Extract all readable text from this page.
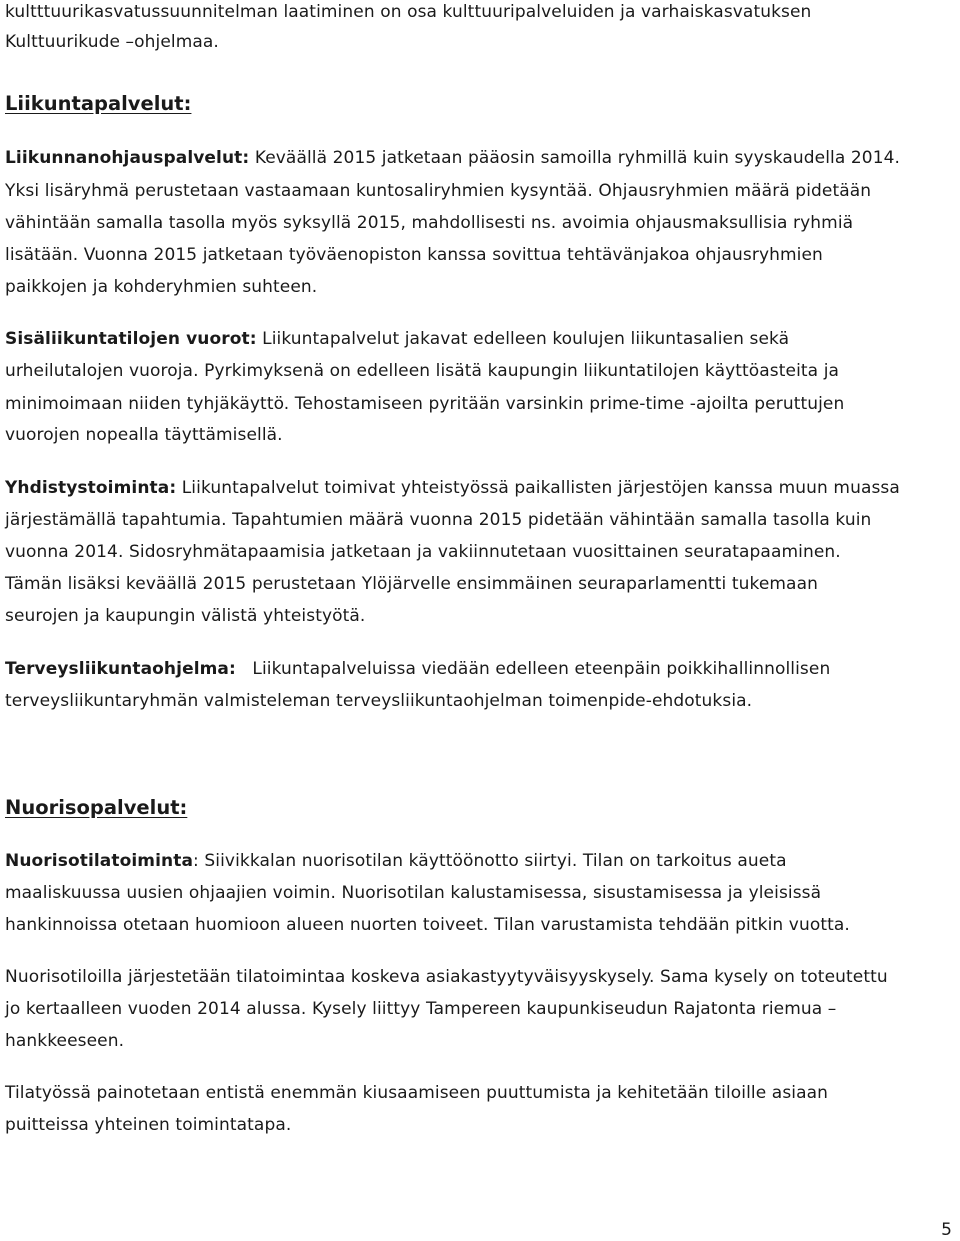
kultttuurikasvatussuunnitelman laatiminen on osa kulttuuripalveluiden ja varhaiskasvatuksen
Kulttuurikude –ohjelmaa.
Liikuntapalvelut:
Liikunnanohjauspalvelut: Keväällä 2015 jatketaan pääosin samoilla ryhmillä kuin syyskaudella 2014.
Yksi lisäryhmä perustetaan vastaamaan kuntosaliryhmien kysyntää. Ohjausryhmien määrä pidetään
vähintään samalla tasolla myös syksyllä 2015, mahdollisesti ns. avoimia ohjausmaksullisia ryhmiä
lisätään. Vuonna 2015 jatketaan työväenopiston kanssa sovittua tehtävänjakoa ohjausryhmien
paikkojen ja kohderyhmien suhteen.
Sisäliikuntatilojen vuorot: Liikuntapalvelut jakavat edelleen koulujen liikuntasalien sekä
urheilutalojen vuoroja. Pyrkimyksenä on edelleen lisätä kaupungin liikuntatilojen käyttöasteita ja
minimoimaan niiden tyhjäkäyttö. Tehostamiseen pyritään varsinkin prime-time -ajoilta peruttujen
vuorojen nopealla täyttämisellä.
Yhdistystoiminta: Liikuntapalvelut toimivat yhteistyössä paikallisten järjestöjen kanssa muun muassa
järjestämällä tapahtumia. Tapahtumien määrä vuonna 2015 pidetään vähintään samalla tasolla kuin
vuonna 2014. Sidosryhmätapaamisia jatketaan ja vakiinnutetaan vuosittainen seuratapaaminen.
Tämän lisäksi keväällä 2015 perustetaan Ylöjärvelle ensimmäinen seuraparlamentti tukemaan
seurojen ja kaupungin välistä yhteistyötä.
Terveysliikuntaohjelma:   Liikuntapalveluissa viedään edelleen eteenpäin poikkihallinnollisen
terveysliikuntaryhmän valmisteleman terveysliikuntaohjelman toimenpide-ehdotuksia.
Nuorisopalvelut:
Nuorisotilatoiminta: Siivikkalan nuorisotilan käyttöönotto siirtyi. Tilan on tarkoitus aueta
maaliskuussa uusien ohjaajien voimin. Nuorisotilan kalustamisessa, sisustamisessa ja yleisissä
hankinnoissa otetaan huomioon alueen nuorten toiveet. Tilan varustamista tehdään pitkin vuotta.
Nuorisotiloilla järjestetään tilatoimintaa koskeva asiakastyytyväisyyskysely. Sama kysely on toteutettu
jo kertaalleen vuoden 2014 alussa. Kysely liittyy Tampereen kaupunkiseudun Rajatonta riemua –
hankkeeseen.
Tilatyössä painotetaan entistä enemmän kiusaamiseen puuttumista ja kehitetään tiloille asiaan
puitteissa yhteinen toimintatapa.
5
